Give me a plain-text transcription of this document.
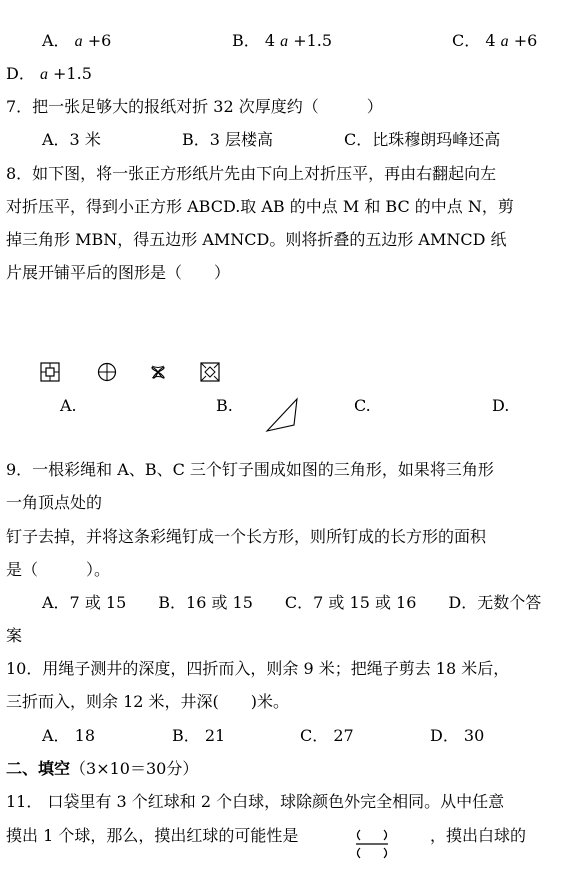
A． a +6	B． 4 a +1.5	C． 4 a +6
D． a +1.5
7．把一张足够大的报纸对折 32 次厚度约（　　　）
A．3 米	B．3 层楼高	C．比珠穆朗玛峰还高
8．如下图，将一张正方形纸片先由下向上对折压平，再由右翻起向左
对折压平，得到小正方形 ABCD.取 AB 的中点 M 和 BC 的中点 N，剪
掉三角形 MBN，得五边形 AMNCD。则将折叠的五边形 AMNCD 纸
片展开铺平后的图形是（　　）
A.	B.	C.	D.
9．一根彩绳和 A、B、C 三个钉子围成如图的三角形，如果将三角形
一角顶点处的
钉子去掉，并将这条彩绳钉成一个长方形，则所钉成的长方形的面积
是（　　　）。
A．7 或 15　　B．16 或 15　　C．7 或 15 或 16　　D．无数个答
案
10．用绳子测井的深度，四折而入，则余 9 米；把绳子剪去 18 米后，
三折而入，则余 12 米，井深(　　)米。
A． 18	B． 21	C． 27	D． 30
二、填空（3×10＝30分）
11． 口袋里有 3 个红球和 2 个白球，球除颜色外完全相同。从中任意
摸出 1 个球，那么，摸出红球的可能性是	，摸出白球的
